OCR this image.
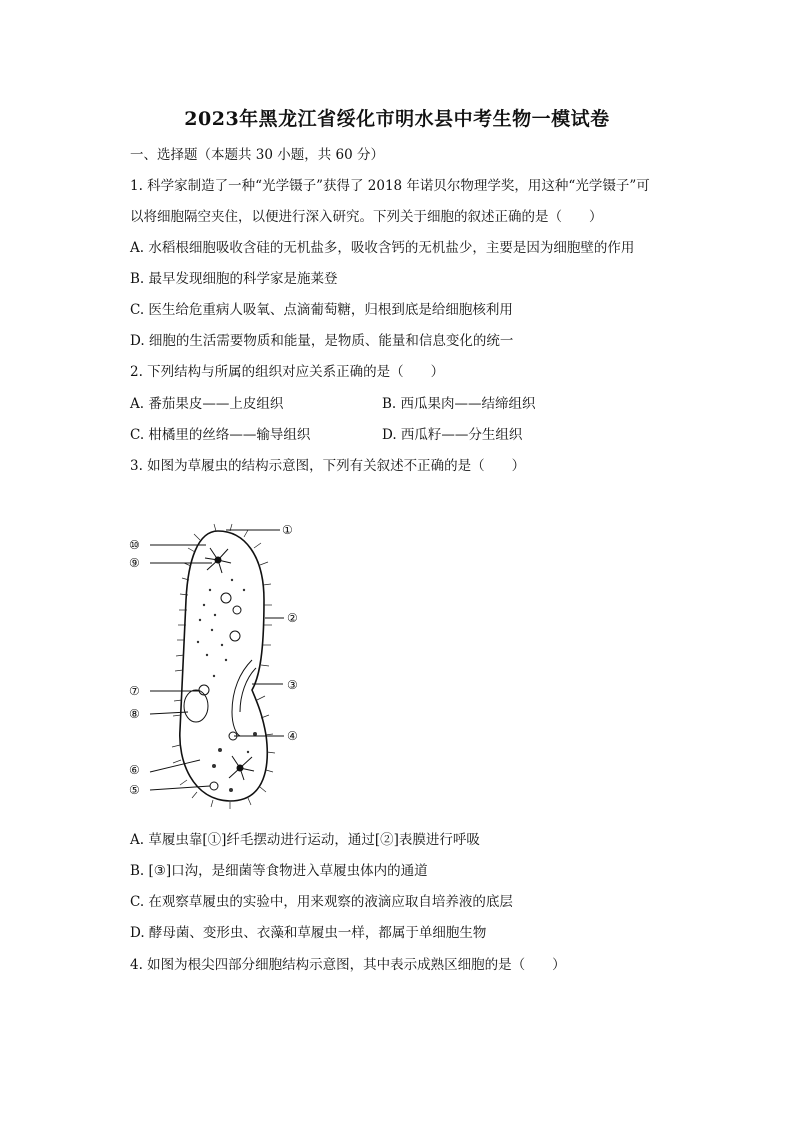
2023年黑龙江省绥化市明水县中考生物一模试卷
一、选择题（本题共 30 小题，共 60 分）
1. 科学家制造了一种“光学镊子”获得了 2018 年诺贝尔物理学奖，用这种“光学镊子”可
以将细胞隔空夹住，以便进行深入研究。下列关于细胞的叙述正确的是（　　）
A. 水稻根细胞吸收含硅的无机盐多，吸收含钙的无机盐少，主要是因为细胞壁的作用
B. 最早发现细胞的科学家是施莱登
C. 医生给危重病人吸氧、点滴葡萄糖，归根到底是给细胞核利用
D. 细胞的生活需要物质和能量，是物质、能量和信息变化的统一
2. 下列结构与所属的组织对应关系正确的是（　　）
A. 番茄果皮——上皮组织	B. 西瓜果肉——结缔组织
C. 柑橘里的丝络——输导组织	D. 西瓜籽——分生组织
3. 如图为草履虫的结构示意图，下列有关叙述不正确的是（　　）
①
⑩
⑨
②
③
⑦
⑧
④
⑥
⑤
A. 草履虫靠[①]纤毛摆动进行运动，通过[②]表膜进行呼吸
B. [③]口沟，是细菌等食物进入草履虫体内的通道
C. 在观察草履虫的实验中，用来观察的液滴应取自培养液的底层
D. 酵母菌、变形虫、衣藻和草履虫一样，都属于单细胞生物
4. 如图为根尖四部分细胞结构示意图，其中表示成熟区细胞的是（　　）
